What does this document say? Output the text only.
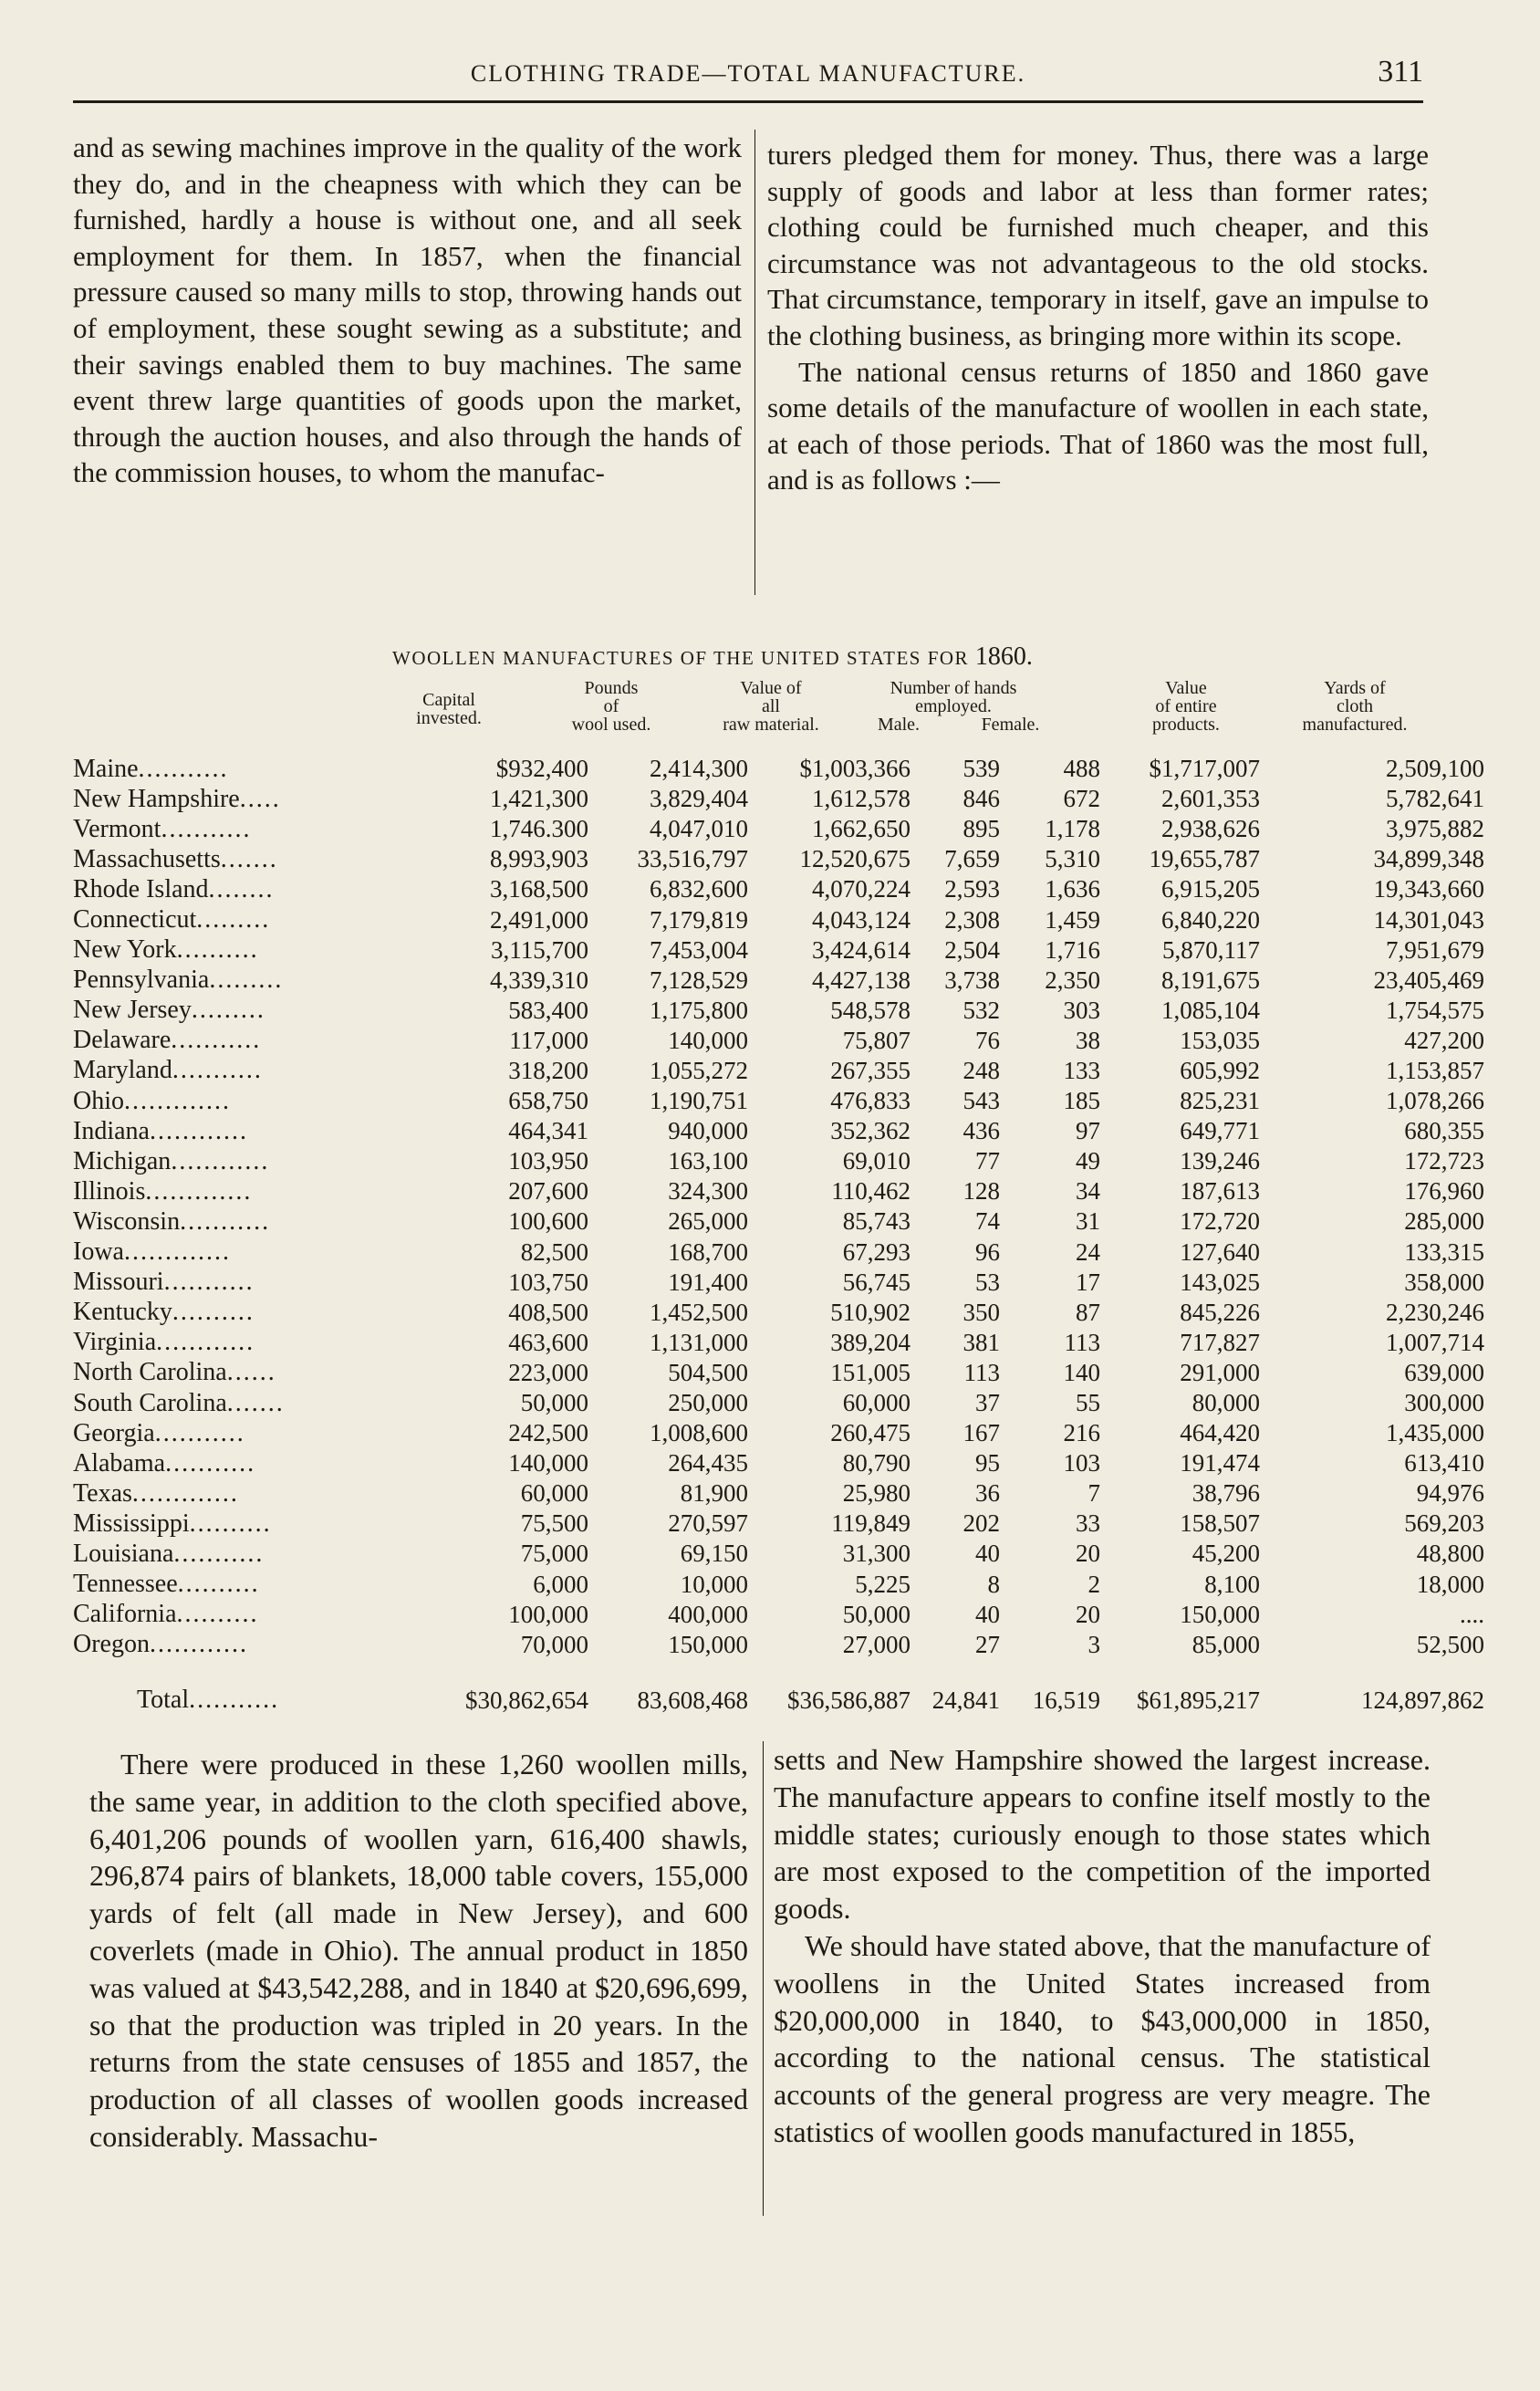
CLOTHING TRADE—TOTAL MANUFACTURE.	311

and as sewing machines improve in the quality of the work they do, and in the cheapness with which they can be furnished, hardly a house is without one, and all seek employment for them. In 1857, when the financial pressure caused so many mills to stop, throwing hands out of employment, these sought sewing as a substitute; and their savings enabled them to buy machines. The same event threw large quantities of goods upon the market, through the auction houses, and also through the hands of the commission houses, to whom the manufac-

turers pledged them for money. Thus, there was a large supply of goods and labor at less than former rates; clothing could be furnished much cheaper, and this circumstance was not advantageous to the old stocks. That circumstance, temporary in itself, gave an impulse to the clothing business, as bringing more within its scope.

The national census returns of 1850 and 1860 gave some details of the manufacture of woollen in each state, at each of those periods. That of 1860 was the most full, and is as follows :—

WOOLLEN MANUFACTURES OF THE UNITED STATES FOR 1860.
Capital
invested.
Pounds
of
wool used.
Value of
all
raw material.
Number of hands
employed.
Male.	Female.
Value
of entire
products.
Yards of
cloth
manufactured.
Maine...........	$932,400	2,414,300	$1,003,366	539	488	$1,717,007	2,509,100
New Hampshire.....	1,421,300	3,829,404	1,612,578	846	672	2,601,353	5,782,641
Vermont...........	1,746.300	4,047,010	1,662,650	895	1,178	2,938,626	3,975,882
Massachusetts.......	8,993,903	33,516,797	12,520,675	7,659	5,310	19,655,787	34,899,348
Rhode Island........	3,168,500	6,832,600	4,070,224	2,593	1,636	6,915,205	19,343,660
Connecticut.........	2,491,000	7,179,819	4,043,124	2,308	1,459	6,840,220	14,301,043
New York..........	3,115,700	7,453,004	3,424,614	2,504	1,716	5,870,117	7,951,679
Pennsylvania.........	4,339,310	7,128,529	4,427,138	3,738	2,350	8,191,675	23,405,469
New Jersey.........	583,400	1,175,800	548,578	532	303	1,085,104	1,754,575
Delaware...........	117,000	140,000	75,807	76	38	153,035	427,200
Maryland...........	318,200	1,055,272	267,355	248	133	605,992	1,153,857
Ohio.............	658,750	1,190,751	476,833	543	185	825,231	1,078,266
Indiana............	464,341	940,000	352,362	436	97	649,771	680,355
Michigan............	103,950	163,100	69,010	77	49	139,246	172,723
Illinois.............	207,600	324,300	110,462	128	34	187,613	176,960
Wisconsin...........	100,600	265,000	85,743	74	31	172,720	285,000
Iowa.............	82,500	168,700	67,293	96	24	127,640	133,315
Missouri...........	103,750	191,400	56,745	53	17	143,025	358,000
Kentucky..........	408,500	1,452,500	510,902	350	87	845,226	2,230,246
Virginia............	463,600	1,131,000	389,204	381	113	717,827	1,007,714
North Carolina......	223,000	504,500	151,005	113	140	291,000	639,000
South Carolina.......	50,000	250,000	60,000	37	55	80,000	300,000
Georgia...........	242,500	1,008,600	260,475	167	216	464,420	1,435,000
Alabama...........	140,000	264,435	80,790	95	103	191,474	613,410
Texas.............	60,000	81,900	25,980	36	7	38,796	94,976
Mississippi..........	75,500	270,597	119,849	202	33	158,507	569,203
Louisiana...........	75,000	69,150	31,300	40	20	45,200	48,800
Tennessee..........	6,000	10,000	5,225	8	2	8,100	18,000
California..........	100,000	400,000	50,000	40	20	150,000	....
Oregon............	70,000	150,000	27,000	27	3	85,000	52,500
Total...........	$30,862,654	83,608,468	$36,586,887	24,841	16,519	$61,895,217	124,897,862

There were produced in these 1,260 woollen mills, the same year, in addition to the cloth specified above, 6,401,206 pounds of woollen yarn, 616,400 shawls, 296,874 pairs of blankets, 18,000 table covers, 155,000 yards of felt (all made in New Jersey), and 600 coverlets (made in Ohio). The annual product in 1850 was valued at $43,542,288, and in 1840 at $20,696,699, so that the production was tripled in 20 years. In the returns from the state censuses of 1855 and 1857, the production of all classes of woollen goods increased considerably. Massachu-

setts and New Hampshire showed the largest increase. The manufacture appears to confine itself mostly to the middle states; curiously enough to those states which are most exposed to the competition of the imported goods.

We should have stated above, that the manufacture of woollens in the United States increased from $20,000,000 in 1840, to $43,000,000 in 1850, according to the national census. The statistical accounts of the general progress are very meagre. The statistics of woollen goods manufactured in 1855,
